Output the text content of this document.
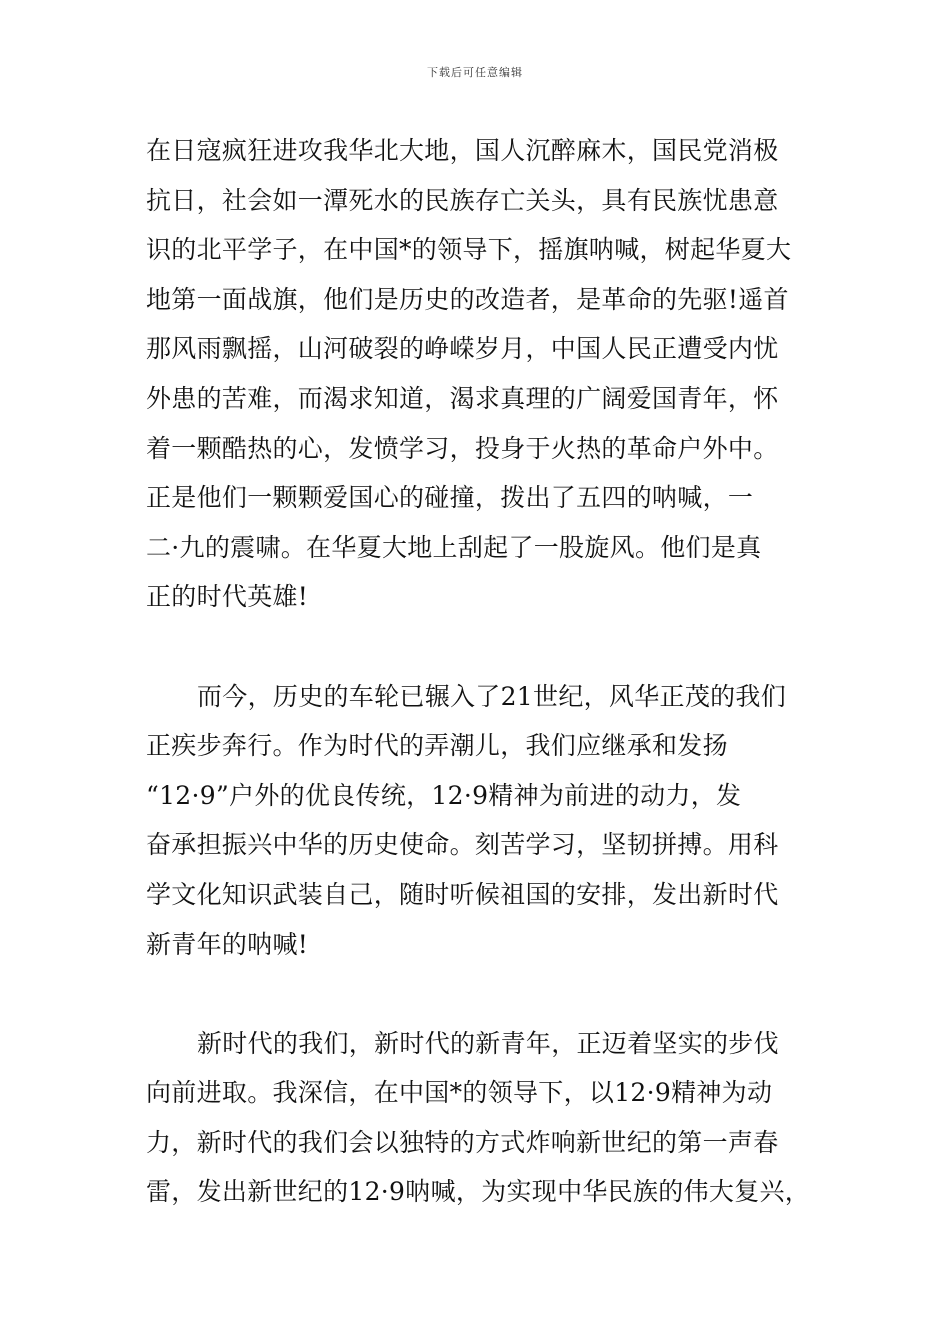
下载后可任意编辑
在日寇疯狂进攻我华北大地，国人沉醉麻木，国民党消极
抗日，社会如一潭死水的民族存亡关头，具有民族忧患意
识的北平学子，在中国*的领导下，摇旗呐喊，树起华夏大
地第一面战旗，他们是历史的改造者，是革命的先驱!遥首
那风雨飘摇，山河破裂的峥嵘岁月，中国人民正遭受内忧
外患的苦难，而渴求知道，渴求真理的广阔爱国青年，怀
着一颗酷热的心，发愤学习，投身于火热的革命户外中。
正是他们一颗颗爱国心的碰撞，拨出了五四的呐喊，一
二·九的震啸。在华夏大地上刮起了一股旋风。他们是真
正的时代英雄!
而今，历史的车轮已辗入了21世纪，风华正茂的我们
正疾步奔行。作为时代的弄潮儿，我们应继承和发扬
“12·9”户外的优良传统，12·9精神为前进的动力，发
奋承担振兴中华的历史使命。刻苦学习，坚韧拼搏。用科
学文化知识武装自己，随时听候祖国的安排，发出新时代
新青年的呐喊!
新时代的我们，新时代的新青年，正迈着坚实的步伐
向前进取。我深信，在中国*的领导下，以12·9精神为动
力，新时代的我们会以独特的方式炸响新世纪的第一声春
雷，发出新世纪的12·9呐喊，为实现中华民族的伟大复兴，
